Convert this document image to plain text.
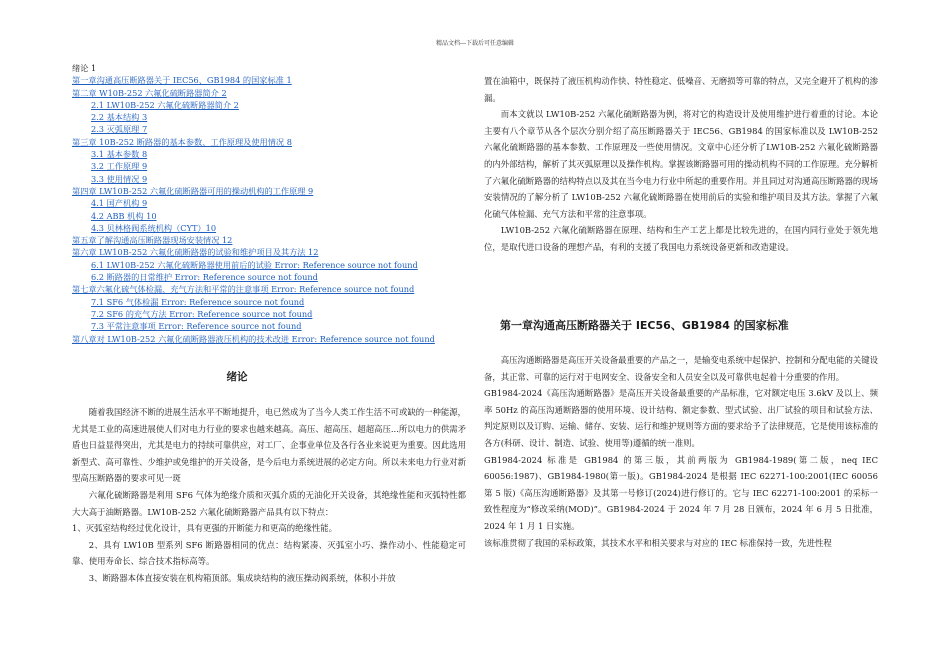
精品文档---下载后可任意编辑
绪论 1
第一章沟通高压断路器关于 IEC56、GB1984 的国家标准 1
第二章 W10B-252 六氟化硫断路器简介 2
2.1 LW10B-252 六氟化硫断路器简介 2
2.2 基本结构 3
2.3 灭弧原理 7
第三章 10B-252 断路器的基本参数、工作原理及使用情况 8
3.1 基本参数 8
3.2 工作原理 9
3.3 使用情况 9
第四章 LW10B-252 六氟化硫断路器可用的操动机构的工作原理 9
4.1 国产机构 9
4.2 ABB 机构 10
4.3 贝林格阀系统机构（CYT）10
第五章了解沟通高压断路器现场安装情况 12
第六章 LW10B-252 六氟化硫断路器的试验和维护项目及其方法 12
6.1 LW10B-252 六氟化硫断路器使用前后的试验 Error: Reference source not found
6.2 断路器的日常维护 Error: Reference source not found
第七章六氟化硫气体检漏、充气方法和平常的注意事项 Error: Reference source not found
7.1 SF6 气体检漏 Error: Reference source not found
7.2 SF6 的充气方法 Error: Reference source not found
7.3 平常注意事项 Error: Reference source not found
第八章对 LW10B-252 六氟化硫断路器液压机构的技术改进 Error: Reference source not found
绪论

随着我国经济不断的进展生活水平不断地提升，电已然成为了当今人类工作生活不可或缺的一种能源，尤其是工业的高速进展使人们对电力行业的要求也越来越高。高压、超高压、超超高压...所以电力的供需矛盾也日益显得突出，尤其是电力的持续可靠供应，对工厂、企事业单位及各行各业来说更为重要。因此选用新型式、高可靠性、少维护或免维护的开关设备，是今后电力系统进展的必定方向。所以未来电力行业对新型高压断路器的要求可见一斑

六氟化硫断路器是利用 SF6 气体为绝缘介质和灭弧介质的无油化开关设备，其绝缘性能和灭弧特性都大大高于油断路器。LW10B-252 六氟化硫断路器产品具有以下特点：

1、灭弧室结构经过优化设计，具有更强的开断能力和更高的绝缘性能。

2、具有 LW10B 型系列 SF6 断路器相同的优点：结构紧凑、灭弧室小巧、操作动小、性能稳定可靠、使用寿命长、综合技术指标高等。

3、断路器本体直接安装在机构箱顶部。集成块结构的液压操动阀系统，体积小并放

置在油箱中，既保持了液压机构动作快、特性稳定、低噪音、无磨损等可靠的特点，又完全避开了机构的渗漏。

而本文就以 LW10B-252 六氟化硫断路器为例，将对它的构造设计及使用维护进行着重的讨论。本论主要有八个章节从各个层次分别介绍了高压断路器关于 IEC56、GB1984 的国家标准以及 LW10B-252 六氟化硫断路器的基本参数、工作原理及一些使用情况。文章中心还分析了LW10B-252 六氟化硫断路器的内外部结构，解析了其灭弧原理以及操作机构。掌握该断路器可用的操动机构不同的工作原理。充分解析了六氟化硫断路器的结构特点以及其在当今电力行业中所起的重要作用。并且同过对沟通高压断路器的现场安装情况的了解分析了 LW10B-252 六氟化硫断路器在使用前后的实验和维护项目及其方法。掌握了六氟化硫气体检漏、充气方法和平常的注意事项。

LW10B-252 六氟化硫断路器在原理、结构和生产工艺上都是比较先进的，在国内同行业处于领先地位，是取代进口设备的理想产品，有利的支援了我国电力系统设备更新和改造建设。

第一章沟通高压断路器关于 IEC56、GB1984 的国家标准

高压沟通断路器是高压开关设备最重要的产品之一，是输变电系统中起保护、控制和分配电能的关键设备，其正常、可靠的运行对于电网安全、设备安全和人员安全以及可靠供电起着十分重要的作用。

GB1984-2024《高压沟通断路器》是高压开关设备最重要的产品标准，它对额定电压 3.6kV 及以上、频率 50Hz 的高压沟通断路器的使用环境、设计结构、额定参数、型式试验、出厂试验的项目和试验方法、判定原则以及订购、运输、储存、安装、运行和维护规则等方面的要求给予了法律规范，它是使用该标准的各方(科研、设计、制造、试验、使用等)遵循的统一准则。

GB1984-2024 标准是 GB1984 的第三版，其前两版为 GB1984-1989(第二版，neq IEC 60056:1987)、GB1984-1980(第一版)。GB1984-2024 是根据 IEC 62271-100:2001(IEC 60056 第 5 版)《高压沟通断路器》及其第一号修订(2024)进行修订的。它与 IEC 62271-100:2001 的采标一致性程度为“修改采纳(MOD)”。GB1984-2024 于 2024 年 7 月 28 日颁布，2024 年 6 月 5 日批准，2024 年 1 月 1 日实施。

该标准贯彻了我国的采标政策，其技术水平和相关要求与对应的 IEC 标准保持一致，先进性程
